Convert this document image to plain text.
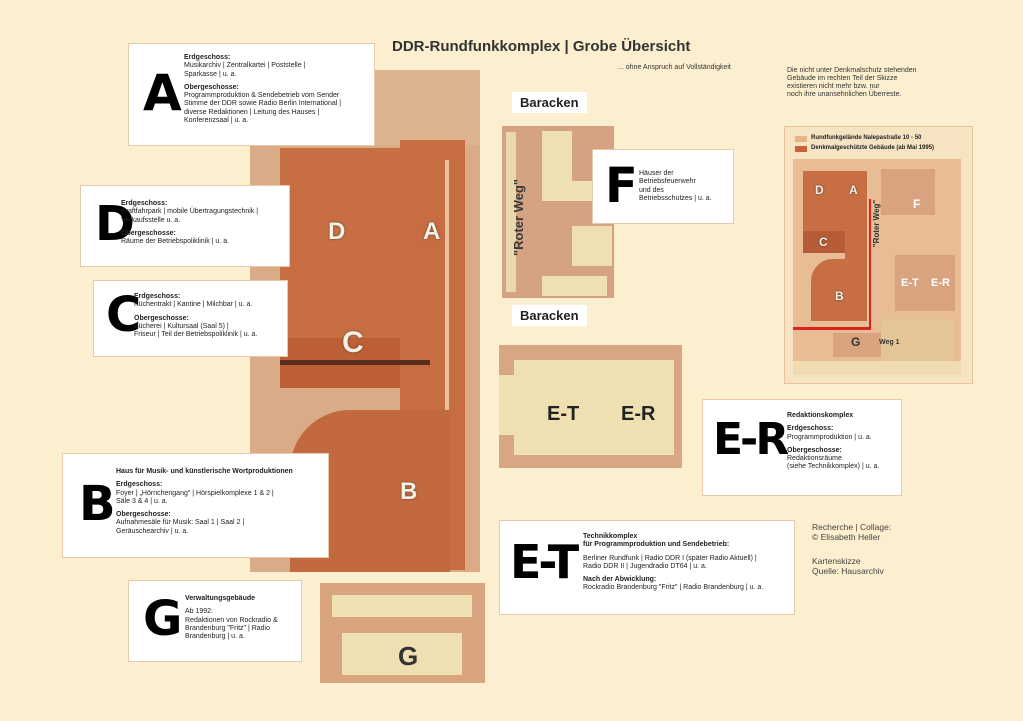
DDR-Rundfunkkomplex | Grobe Übersicht
... ohne Anspruch auf Vollständigkeit	Die nicht unter Denkmalschutz stehenden
Gebäude im rechten Teil der Skizze
existieren nicht mehr bzw. nur
noch ihre unansehnlichen Überreste.
D	A
C
B
G
Baracken
Baracken
"Roter Weg"
E-T E-R
Rundfunkgelände Nalepastraße 10 - 50
Denkmalgeschützte Gebäude (ab Mai 1995)
D A
C
B
F
E-T E-R
G	Weg 1
"Roter Weg"
A
Erdgeschoss:
Musikarchiv | Zentralkartei | Poststelle |
Sparkasse | u. a.
Obergeschosse:
Programmproduktion & Sendebetrieb vom Sender
Stimme der DDR sowie Radio Berlin International |
diverse Redaktionen | Leitung des Hauses |
Konferenzsaal | u. a.
D
Erdgeschoss:
Kraftfahrpark | mobile Übertragungstechnik |
Verkaufsstelle u. a.
Obergeschosse:
Räume der Betriebspoliklinik | u. a.
C
Erdgeschoss:
Küchentrakt | Kantine | Milchbar | u. a.
Obergeschosse:
Bücherei | Kultursaal (Saal 5) |
Friseur | Teil der Betriebspoliklinik | u. a.
B
Haus für Musik- und künstlerische Wortproduktionen
Erdgeschoss:
Foyer | „Hörnchengang" | Hörspielkomplexe 1 & 2 |
Säle 3 & 4 | u. a.
Obergeschosse:
Aufnahmesäle für Musik: Saal 1 | Saal 2 |
Geräuschearchiv | u. a.
G Verwaltungsgebäude
Ab 1992:
Redaktionen von Rockradio &
Brandenburg "Fritz" | Radio
Brandenburg | u. a.
F Häuser der
Betriebsfeuerwehr
und des
Betriebsschutzes | u. a.
E-R Redaktionskomplex
Erdgeschoss:
Programmproduktion | u. a.
Obergeschosse:
Redaktionsräume
(siehe Technikkomplex) | u. a.
E-T Technikkomplex
für Programmproduktion und Sendebetrieb:
Berliner Rundfunk | Radio DDR I (später Radio Aktuell) |
Radio DDR II | Jugendradio DT64 | u. a.
Nach der Abwicklung:
Rockradio Brandenburg "Fritz" | Radio Brandenburg | u. a.
Recherche | Collage:
© Elisabeth Heller
Kartenskizze
Quelle: Hausarchiv
